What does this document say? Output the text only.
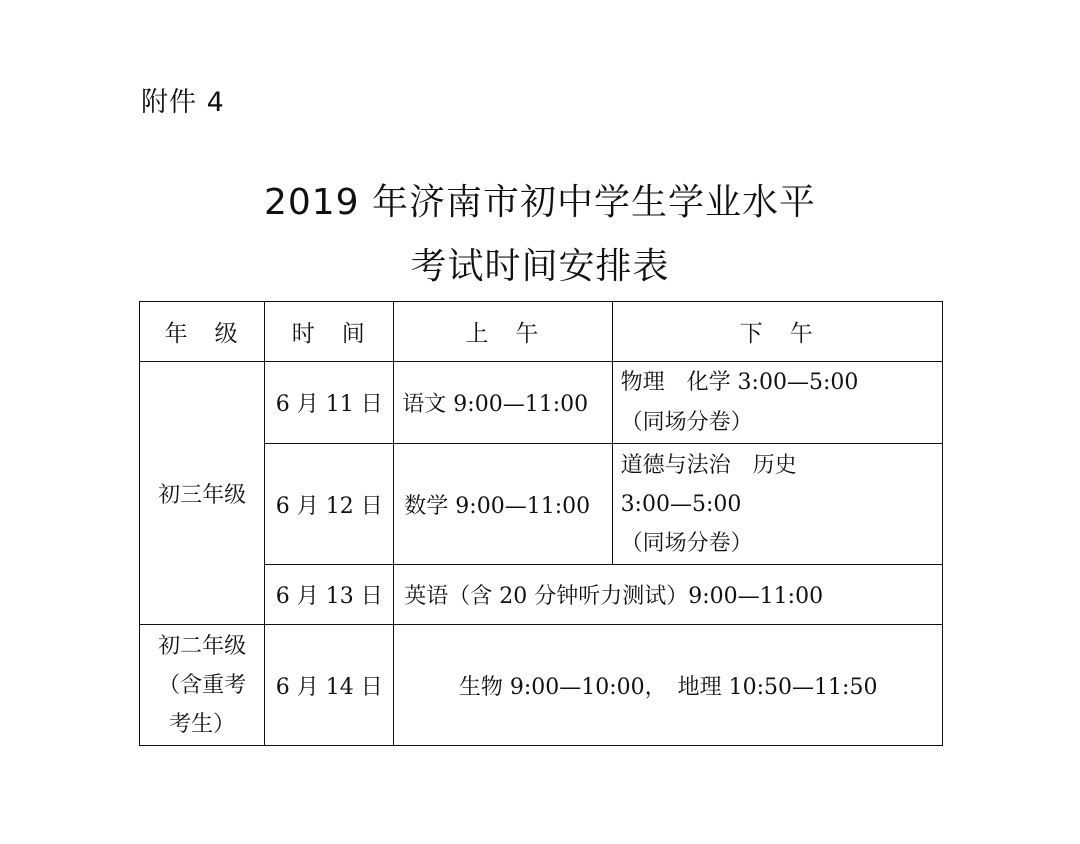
附件 4
2019 年济南市初中学生学业水平
考试时间安排表
年　级	时　间	上　午	下　午
初三年级	6 月 11 日	语文 9:00—11:00	物理　化学 3:00—5:00
（同场分卷）

	6 月 12 日	数学 9:00—11:00	道德与法治　历史
3:00—5:00
（同场分卷）

	6 月 13 日	英语（含 20 分钟听力测试）9:00—11:00	

初二年级
（含重考
考生）	6 月 14 日	生物 9:00—10:00，　地理 10:50—11:50	
